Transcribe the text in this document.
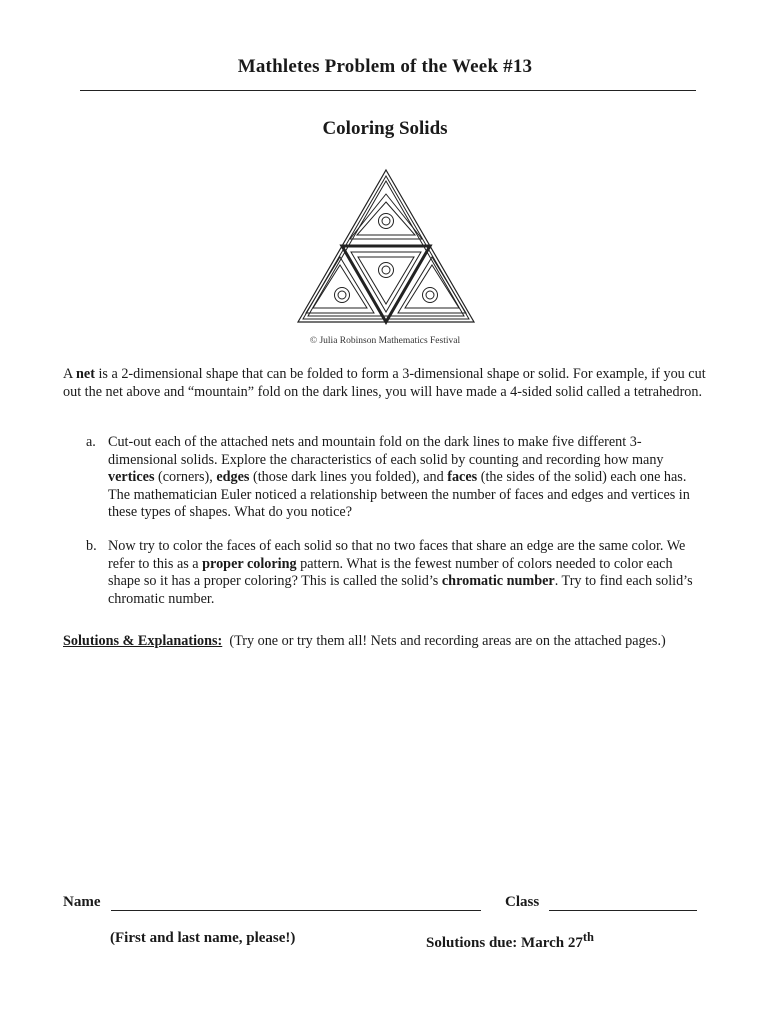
Mathletes Problem of the Week #13
Coloring Solids
© Julia Robinson Mathematics Festival

A net is a 2-dimensional shape that can be folded to form a 3-dimensional shape or solid. For example, if you cut out the net above and “mountain” fold on the dark lines, you will have made a 4-sided solid called a tetrahedron.

a. Cut-out each of the attached nets and mountain fold on the dark lines to make five different 3-dimensional solids. Explore the characteristics of each solid by counting and recording how many vertices (corners), edges (those dark lines you folded), and faces (the sides of the solid) each one has. The mathematician Euler noticed a relationship between the number of faces and edges and vertices in these types of shapes. What do you notice?
b. Now try to color the faces of each solid so that no two faces that share an edge are the same color. We refer to this as a proper coloring pattern. What is the fewest number of colors needed to color each shape so it has a proper coloring? This is called the solid’s chromatic number. Try to find each solid’s chromatic number.

Solutions & Explanations:  (Try one or try them all! Nets and recording areas are on the attached pages.)

Name	Class
(First and last name, please!)	Solutions due: March 27th
